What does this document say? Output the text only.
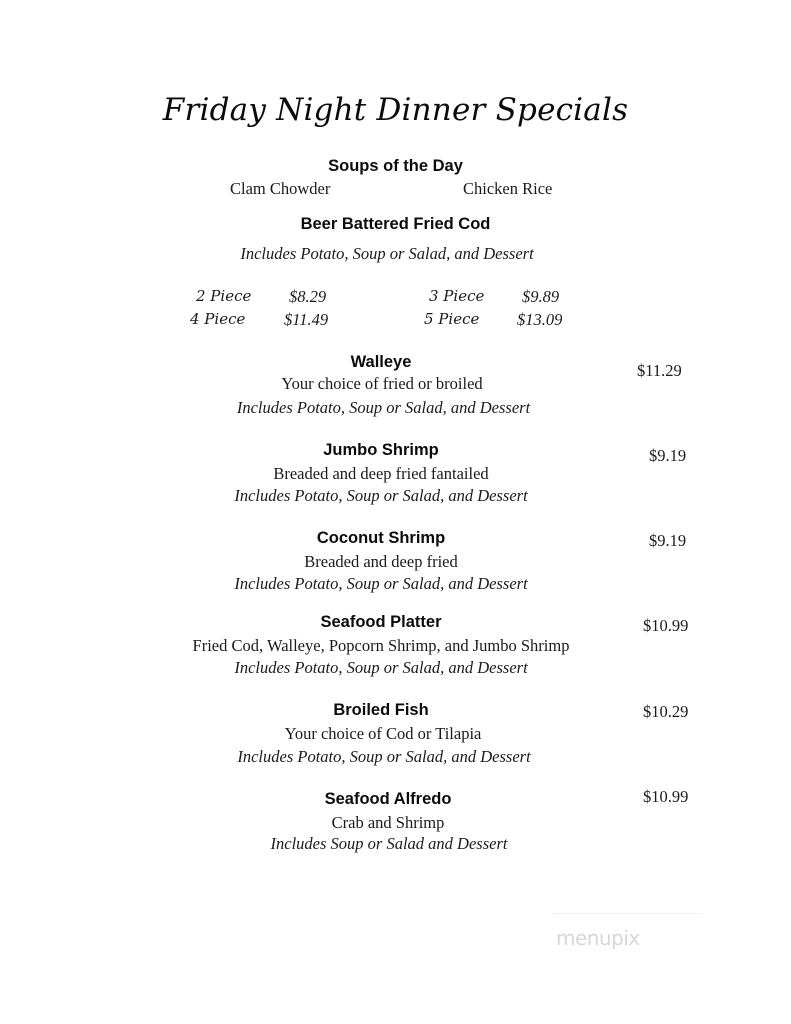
Friday Night Dinner Specials
Soups of the Day
Clam Chowder	Chicken Rice
Beer Battered Fried Cod
Includes Potato, Soup or Salad, and Dessert
2 Piece $8.29	3 Piece $9.89
4 Piece $11.49	5 Piece $13.09
Walleye
Your choice of fried or broiled
Includes Potato, Soup or Salad, and Dessert
$11.29
Jumbo Shrimp
Breaded and deep fried fantailed
Includes Potato, Soup or Salad, and Dessert
$9.19
Coconut Shrimp
Breaded and deep fried
Includes Potato, Soup or Salad, and Dessert
$9.19
Seafood Platter
Fried Cod, Walleye, Popcorn Shrimp, and Jumbo Shrimp
Includes Potato, Soup or Salad, and Dessert
$10.99
Broiled Fish
Your choice of Cod or Tilapia
Includes Potato, Soup or Salad, and Dessert
$10.29
Seafood Alfredo
Crab and Shrimp
Includes Soup or Salad and Dessert
$10.99
menupix
